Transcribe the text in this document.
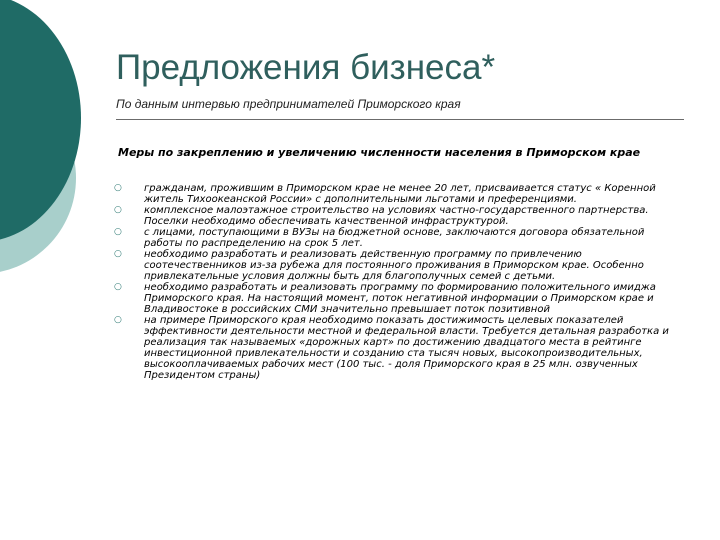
Предложения бизнеса*
По данным интервью предпринимателей Приморского края
Меры по закреплению и увеличению численности населения в Приморском крае
○	гражданам, прожившим в Приморском крае не менее 20 лет, присваивается статус « Коренной житель Тихоокеанской России» с дополнительными льготами и преференциями.
○	комплексное малоэтажное строительство на условиях частно-государственного партнерства. Поселки необходимо обеспечивать качественной инфраструктурой.
○	с лицами, поступающими в ВУЗы на бюджетной основе, заключаются договора обязательной работы по распределению на срок 5 лет.
○	необходимо разработать и реализовать действенную программу по привлечению соотечественников из-за рубежа для постоянного проживания в Приморском крае. Особенно привлекательные условия должны быть для благополучных семей с детьми.
○	необходимо разработать и реализовать программу по формированию положительного имиджа Приморского края. На настоящий момент, поток негативной информации о Приморском крае и Владивостоке в российских СМИ значительно превышает поток позитивной
○	на примере Приморского края необходимо показать достижимость целевых показателей эффективности деятельности местной и федеральной власти. Требуется детальная разработка и реализация так называемых «дорожных карт» по достижению двадцатого места в рейтинге инвестиционной привлекательности и созданию ста тысяч новых, высокопроизводительных, высокооплачиваемых рабочих мест (100 тыс. - доля Приморского края в 25 млн. озвученных Президентом страны)
